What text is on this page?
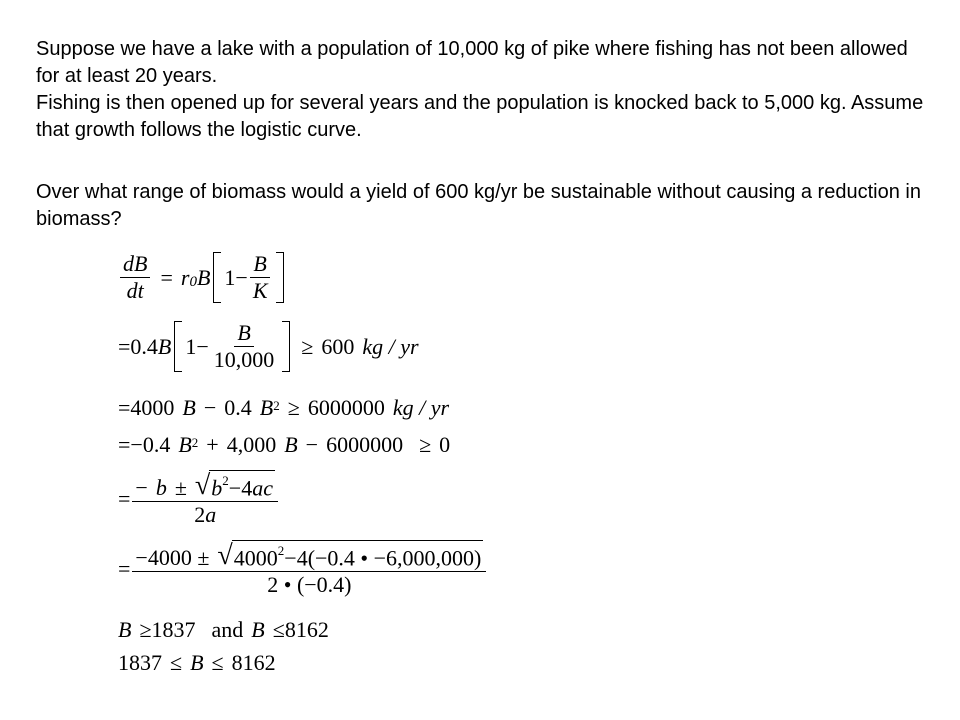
Suppose we have a lake with a population of 10,000 kg of pike where fishing has not been allowed for at least 20 years.

Fishing is then opened up for several years and the population is knocked back to 5,000 kg. Assume that growth follows the logistic curve.

Over what range of biomass would a yield of 600 kg/yr be sustainable without causing a reduction in biomass?

$\frac{dB}{dt} = r$ 0 B $1 - \frac{B}{K}$
= 0.4 B $1 - \frac{B}{10,000} \ge 600$ kg / yr
= 4000 B − 0.4 $B^2 \ge 6000000$ kg / yr
= −0.4 $B^2 + 4,000$ B − 6000000 ≥ 0
= $\frac{- b \pm √ b^2-4ac}{2a}$
= $\frac{-4000 \pm √ 4000^2-4(-0.4 • -6,000,000)}{2 • (-0.4)}$
B ≥ 1837 and B ≤ 8162
1837 ≤ B ≤ 8162
